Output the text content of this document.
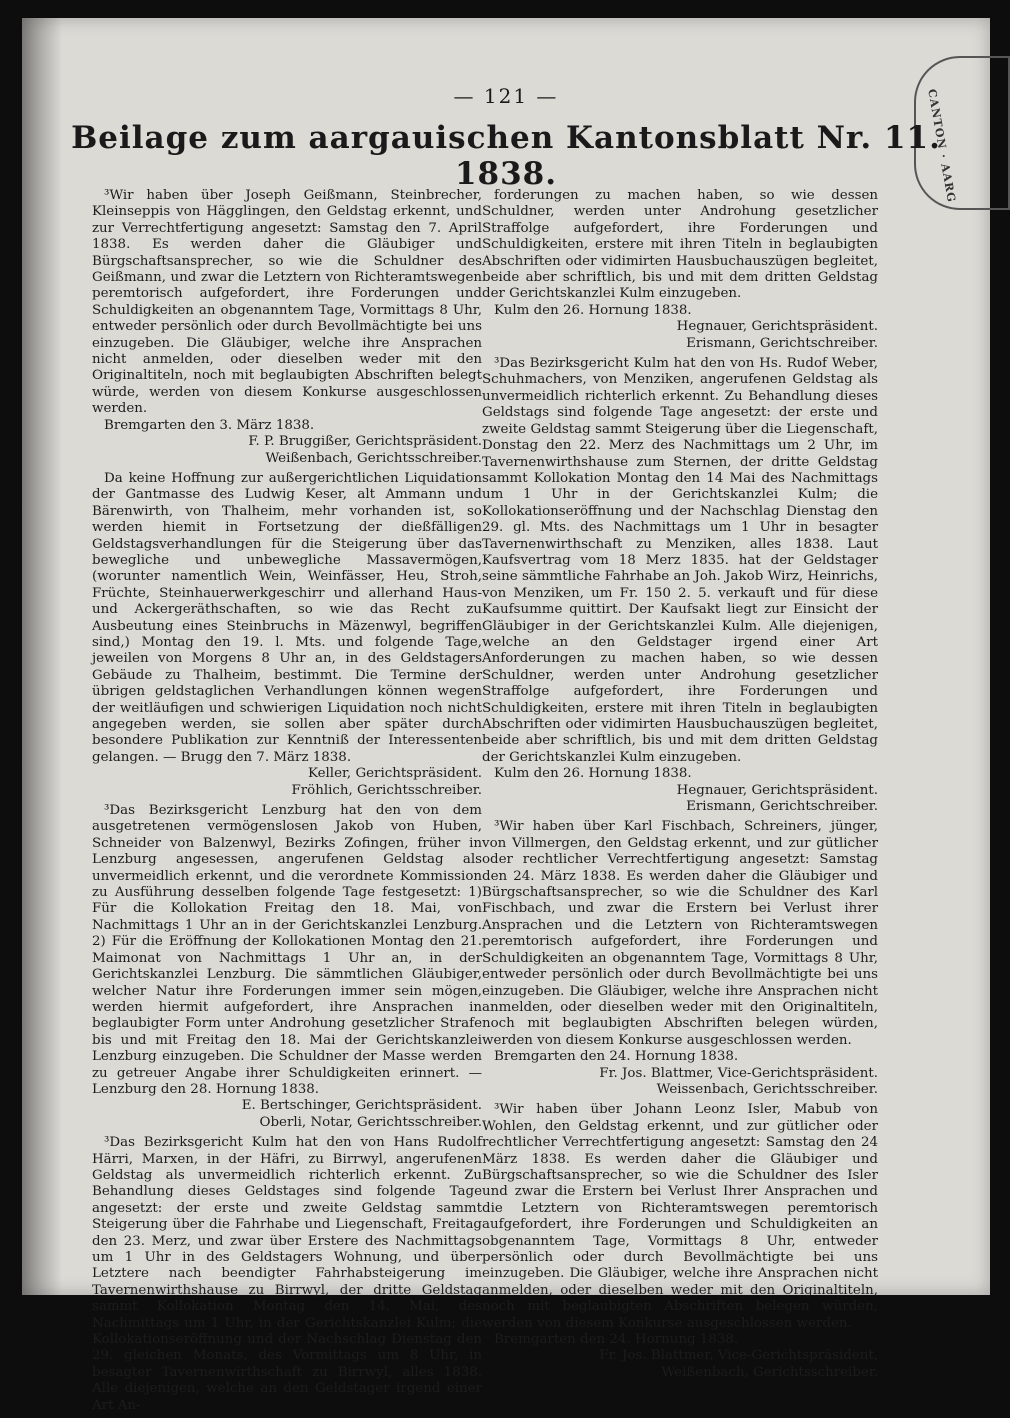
CANTON · AARG
— 121 —
Beilage zum aargauischen Kantonsblatt Nr. 11. 1838.

³Wir haben über Joseph Geißmann, Steinbrecher, Kleinseppis von Hägglingen, den Geldstag erkennt, und zur Verrechtfertigung angesetzt: Samstag den 7. April 1838. Es werden daher die Gläubiger und Bürgschaftsansprecher, so wie die Schuldner des Geißmann, und zwar die Letztern von Richteramtswegen peremtorisch aufgefordert, ihre Forderungen und Schuldigkeiten an obgenanntem Tage, Vormittags 8 Uhr, entweder persönlich oder durch Bevollmächtigte bei uns einzugeben. Die Gläubiger, welche ihre Ansprachen nicht anmelden, oder dieselben weder mit den Originaltiteln, noch mit beglaubigten Abschriften belegt würde, werden von diesem Konkurse ausgeschlossen werden.

Bremgarten den 3. März 1838.

F. P. Bruggißer, Gerichtspräsident.

Weißenbach, Gerichtsschreiber.

Da keine Hoffnung zur außergerichtlichen Liquidation der Gantmasse des Ludwig Keser, alt Ammann und Bärenwirth, von Thalheim, mehr vorhanden ist, so werden hiemit in Fortsetzung der dießfälligen Geldstagsverhandlungen für die Steigerung über das bewegliche und unbewegliche Massavermögen, (worunter namentlich Wein, Weinfässer, Heu, Stroh, Früchte, Steinhauerwerkgeschirr und allerhand Haus- und Ackergeräthschaften, so wie das Recht zu Ausbeutung eines Steinbruchs in Mäzenwyl, begriffen sind,) Montag den 19. l. Mts. und folgende Tage, jeweilen von Morgens 8 Uhr an, in des Geldstagers Gebäude zu Thalheim, bestimmt. Die Termine der übrigen geldstaglichen Verhandlungen können wegen der weitläufigen und schwierigen Liquidation noch nicht angegeben werden, sie sollen aber später durch besondere Publikation zur Kenntniß der Interessenten gelangen. — Brugg den 7. März 1838.

Keller, Gerichtspräsident.

Fröhlich, Gerichtsschreiber.

³Das Bezirksgericht Lenzburg hat den von dem ausgetretenen vermögenslosen Jakob von Huben, Schneider von Balzenwyl, Bezirks Zofingen, früher in Lenzburg angesessen, angerufenen Geldstag als unvermeidlich erkennt, und die verordnete Kommission zu Ausführung desselben folgende Tage festgesetzt: 1) Für die Kollokation Freitag den 18. Mai, von Nachmittags 1 Uhr an in der Gerichtskanzlei Lenzburg. 2) Für die Eröffnung der Kollokationen Montag den 21. Maimonat von Nachmittags 1 Uhr an, in der Gerichtskanzlei Lenzburg. Die sämmtlichen Gläubiger, welcher Natur ihre Forderungen immer sein mögen, werden hiermit aufgefordert, ihre Ansprachen in beglaubigter Form unter Androhung gesetzlicher Strafe bis und mit Freitag den 18. Mai der Gerichtskanzlei Lenzburg einzugeben. Die Schuldner der Masse werden zu getreuer Angabe ihrer Schuldigkeiten erinnert. — Lenzburg den 28. Hornung 1838.

E. Bertschinger, Gerichtspräsident.

Oberli, Notar, Gerichtsschreiber.

³Das Bezirksgericht Kulm hat den von Hans Rudolf Härri, Marxen, in der Häfri, zu Birrwyl, angerufenen Geldstag als unvermeidlich richterlich erkennt. Zu Behandlung dieses Geldstages sind folgende Tage angesetzt: der erste und zweite Geldstag sammt Steigerung über die Fahrhabe und Liegenschaft, Freitag den 23. Merz, und zwar über Erstere des Nachmittags um 1 Uhr in des Geldstagers Wohnung, und über Letztere nach beendigter Fahrhabsteigerung im Tavernenwirthshause zu Birrwyl, der dritte Geldstag sammt Kollokation Montag den 14. Mai, des Nachmittags um 1 Uhr, in der Gerichtskanzlei Kulm; die Kollokationseröffnung und der Nachschlag Dienstag den 29. gleichen Monats, des Vormittags um 8 Uhr, in besagter Tavernenwirthschaft zu Birrwyl, alles 1838. Alle diejenigen, welche an den Geldstager irgend einer Art An-

forderungen zu machen haben, so wie dessen Schuldner, werden unter Androhung gesetzlicher Straffolge aufgefordert, ihre Forderungen und Schuldigkeiten, erstere mit ihren Titeln in beglaubigten Abschriften oder vidimirten Hausbuchauszügen begleitet, beide aber schriftlich, bis und mit dem dritten Geldstag der Gerichtskanzlei Kulm einzugeben.

Kulm den 26. Hornung 1838.

Hegnauer, Gerichtspräsident.

Erismann, Gerichtschreiber.

³Das Bezirksgericht Kulm hat den von Hs. Rudof Weber, Schuhmachers, von Menziken, angerufenen Geldstag als unvermeidlich richterlich erkennt. Zu Behandlung dieses Geldstags sind folgende Tage angesetzt: der erste und zweite Geldstag sammt Steigerung über die Liegenschaft, Donstag den 22. Merz des Nachmittags um 2 Uhr, im Tavernenwirthshause zum Sternen, der dritte Geldstag sammt Kollokation Montag den 14 Mai des Nachmittags um 1 Uhr in der Gerichtskanzlei Kulm; die Kollokationseröffnung und der Nachschlag Dienstag den 29. gl. Mts. des Nachmittags um 1 Uhr in besagter Tavernenwirthschaft zu Menziken, alles 1838. Laut Kaufsvertrag vom 18 Merz 1835. hat der Geldstager seine sämmtliche Fahrhabe an Joh. Jakob Wirz, Heinrichs, von Menziken, um Fr. 150 2. 5. verkauft und für diese Kaufsumme quittirt. Der Kaufsakt liegt zur Einsicht der Gläubiger in der Gerichtskanzlei Kulm. Alle diejenigen, welche an den Geldstager irgend einer Art Anforderungen zu machen haben, so wie dessen Schuldner, werden unter Androhung gesetzlicher Straffolge aufgefordert, ihre Forderungen und Schuldigkeiten, erstere mit ihren Titeln in beglaubigten Abschriften oder vidimirten Hausbuchauszügen begleitet, beide aber schriftlich, bis und mit dem dritten Geldstag der Gerichtskanzlei Kulm einzugeben.

Kulm den 26. Hornung 1838.

Hegnauer, Gerichtspräsident.

Erismann, Gerichtschreiber.

³Wir haben über Karl Fischbach, Schreiners, jünger, von Villmergen, den Geldstag erkennt, und zur gütlicher oder rechtlicher Verrechtfertigung angesetzt: Samstag den 24. März 1838. Es werden daher die Gläubiger und Bürgschaftsansprecher, so wie die Schuldner des Karl Fischbach, und zwar die Erstern bei Verlust ihrer Ansprachen und die Letztern von Richteramtswegen peremtorisch aufgefordert, ihre Forderungen und Schuldigkeiten an obgenanntem Tage, Vormittags 8 Uhr, entweder persönlich oder durch Bevollmächtigte bei uns einzugeben. Die Gläubiger, welche ihre Ansprachen nicht anmelden, oder dieselben weder mit den Originaltiteln, noch mit beglaubigten Abschriften belegen würden, werden von diesem Konkurse ausgeschlossen werden.

Bremgarten den 24. Hornung 1838.

Fr. Jos. Blattmer, Vice-Gerichtspräsident.

Weissenbach, Gerichtsschreiber.

³Wir haben über Johann Leonz Isler, Mabub von Wohlen, den Geldstag erkennt, und zur gütlicher oder rechtlicher Verrechtfertigung angesetzt: Samstag den 24 März 1838. Es werden daher die Gläubiger und Bürgschaftsansprecher, so wie die Schuldner des Isler und zwar die Erstern bei Verlust Ihrer Ansprachen und die Letztern von Richteramtswegen peremtorisch aufgefordert, ihre Forderungen und Schuldigkeiten an obgenanntem Tage, Vormittags 8 Uhr, entweder persönlich oder durch Bevollmächtigte bei uns einzugeben. Die Gläubiger, welche ihre Ansprachen nicht anmelden, oder dieselben weder mit den Originaltiteln, noch mit beglaubigten Abschriften belegen würden, werden von diesem Konkurse ausgeschlossen werden.

Bremgarten den 24. Hornung 1838.

Fr. Jos. Blattmer, Vice-Gerichtspräsident,

Weißenbach, Gerichtsschreiber.
